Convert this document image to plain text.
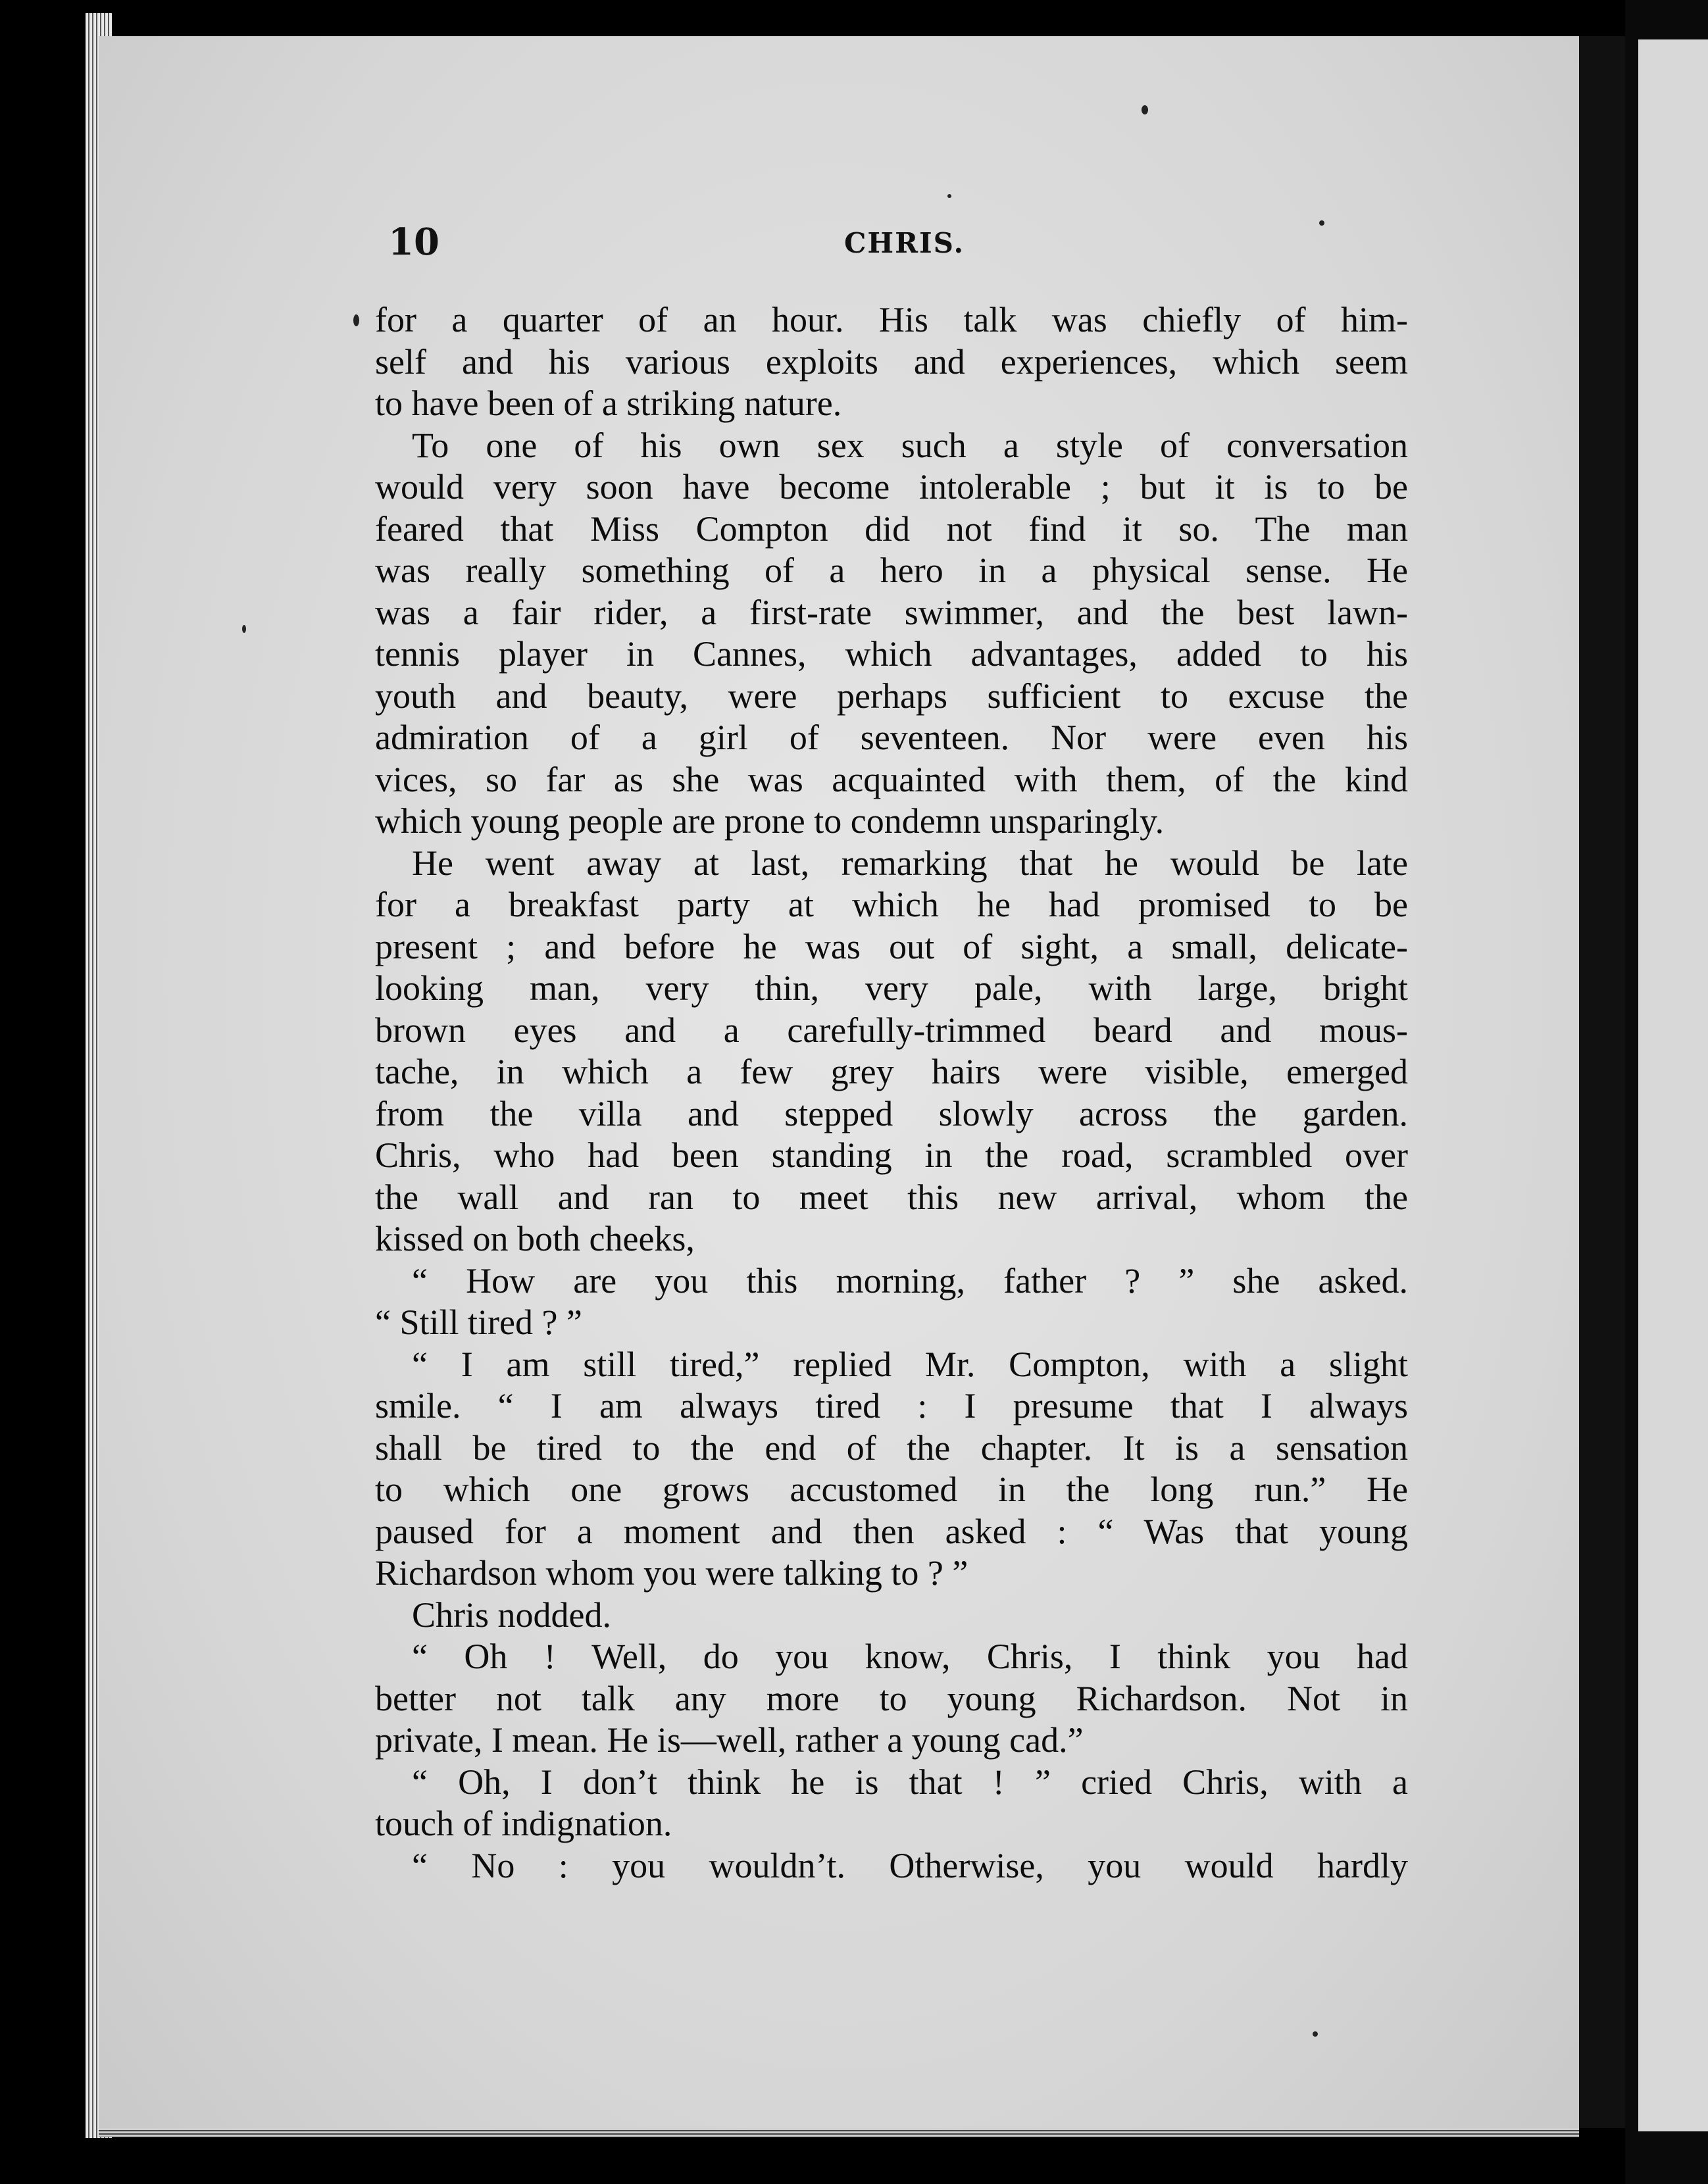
10	CHRIS.
for a quarter of an hour. His talk was chiefly of him-
self and his various exploits and experiences, which seem
to have been of a striking nature.
To one of his own sex such a style of conversation
would very soon have become intolerable ; but it is to be
feared that Miss Compton did not find it so. The man
was really something of a hero in a physical sense. He
was a fair rider, a first-rate swimmer, and the best lawn-
tennis player in Cannes, which advantages, added to his
youth and beauty, were perhaps sufficient to excuse the
admiration of a girl of seventeen. Nor were even his
vices, so far as she was acquainted with them, of the kind
which young people are prone to condemn unsparingly.
He went away at last, remarking that he would be late
for a breakfast party at which he had promised to be
present ; and before he was out of sight, a small, delicate-
looking man, very thin, very pale, with large, bright
brown eyes and a carefully-trimmed beard and mous-
tache, in which a few grey hairs were visible, emerged
from the villa and stepped slowly across the garden.
Chris, who had been standing in the road, scrambled over
the wall and ran to meet this new arrival, whom the
kissed on both cheeks,
“ How are you this morning, father ? ” she asked.
“ Still tired ? ”
“ I am still tired,” replied Mr. Compton, with a slight
smile. “ I am always tired : I presume that I always
shall be tired to the end of the chapter. It is a sensation
to which one grows accustomed in the long run.” He
paused for a moment and then asked : “ Was that young
Richardson whom you were talking to ? ”
Chris nodded.
“ Oh ! Well, do you know, Chris, I think you had
better not talk any more to young Richardson. Not in
private, I mean. He is—well, rather a young cad.”
“ Oh, I don’t think he is that ! ” cried Chris, with a
touch of indignation.
“ No : you wouldn’t. Otherwise, you would hardly
